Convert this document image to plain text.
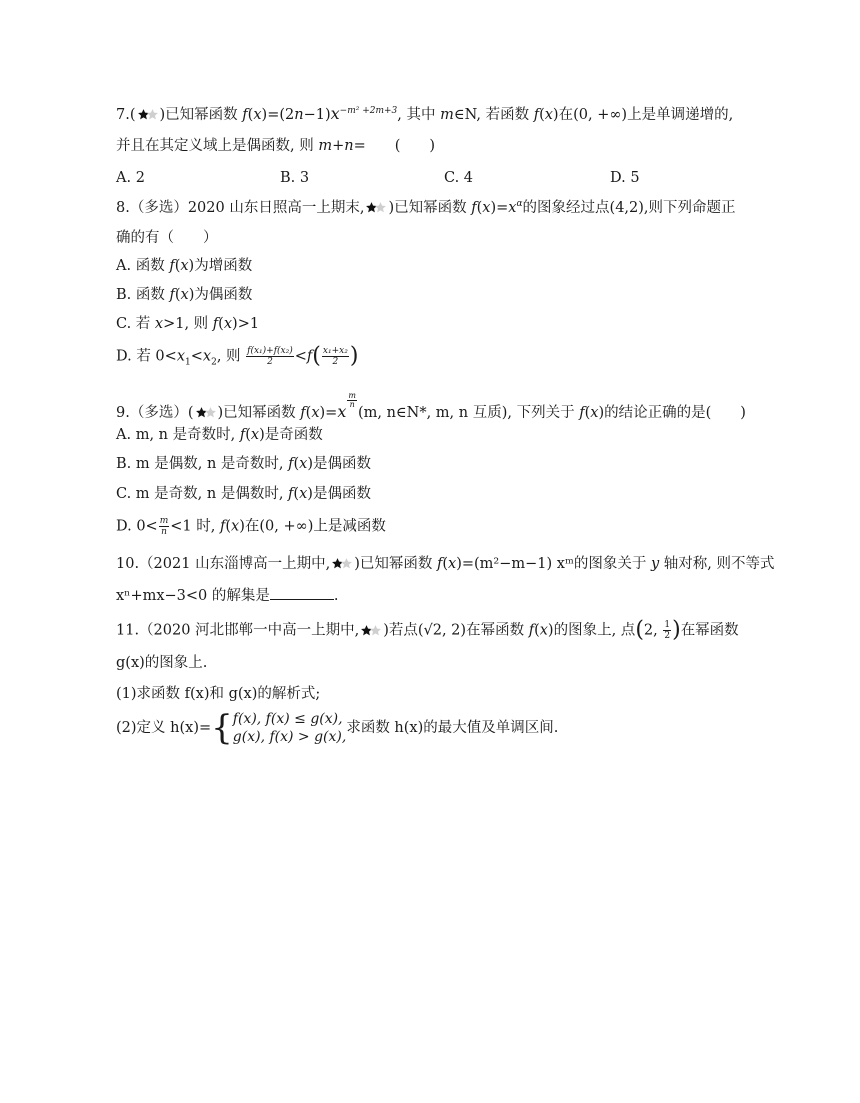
7.( )已知幂函数 $f(x)=(2n-1)x^{-m^2 +2m+3}$, 其中 m∈N, 若函数 f(x)在(0, +∞)上是单调递增的,
并且在其定义域上是偶函数, 则 m+n=　　(　　)
A. 2	B. 3	C. 4	D. 5
8.（多选）2020 山东日照高一上期末, )已知幂函数 $f(x)=x^\alpha$的图象经过点(4,2),则下列命题正
确的有（　　）
A. 函数 f(x)为增函数
B. 函数 f(x)为偶函数
C. 若 x>1, 则 f(x)>1
D. 若 $0<x_1<x_2$, 则 $\frac{\text{f(x₁)+f(x₂)}}{2} <f( \frac{\text{x₁+x₂}}{2}$ )
9.（多选）( )已知幂函数 f(x)=x
$^{\frac{m}{n}}$
(m, n∈N*, m, n 互质), 下列关于 f(x)的结论正确的是(　　)
A. m, n 是奇数时, f(x)是奇函数
B. m 是偶数, n 是奇数时, f(x)是偶函数
C. m 是奇数, n 是偶数时, f(x)是偶函数
D. $0< \frac{m}{n} <1$ 时, f(x)在(0, +∞)上是减函数
10.（2021 山东淄博高一上期中, )已知幂函数 f(x)=(m²−m−1) xᵐ的图象关于 y 轴对称, 则不等式
xⁿ+mx−3<0 的解集是	.
11.（2020 河北邯郸一中高一上期中, )若点(√2, 2)在幂函数 f(x)的图象上, 点(2, $\frac{1}{2}$ )在幂函数
g(x)的图象上.
(1)求函数 f(x)和 g(x)的解析式;
(2)定义 h(x)={ f(x), f(x) ≤ g(x),
g(x), f(x) > g(x),
求函数 h(x)的最大值及单调区间.
